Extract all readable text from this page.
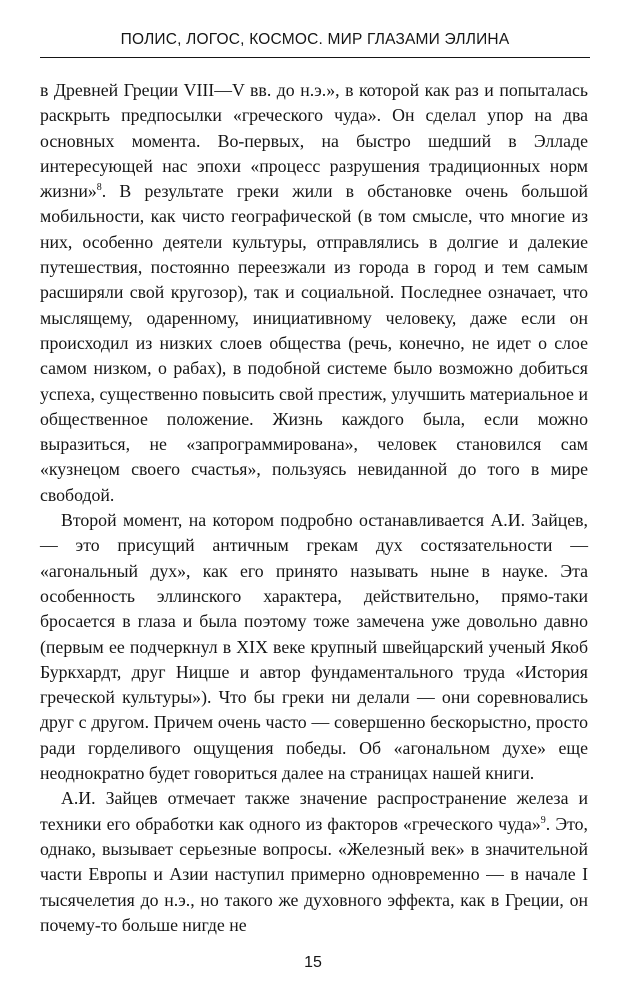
ПОЛИС, ЛОГОС, КОСМОС. МИР ГЛАЗАМИ ЭЛЛИНА

в Древней Греции VIII—V вв. до н.э.», в которой как раз и попыталась раскрыть предпосылки «греческого чуда». Он сделал упор на два основных момента. Во-первых, на быстро шедший в Элладе интересующей нас эпохи «процесс разрушения традиционных норм жизни»$^8$. В результате греки жили в обстановке очень большой мобильности, как чисто географической (в том смысле, что многие из них, особенно деятели культуры, отправлялись в долгие и далекие путешествия, постоянно переезжали из города в город и тем самым расширяли свой кругозор), так и социальной. Последнее означает, что мыслящему, одаренному, инициативному человеку, даже если он происходил из низких слоев общества (речь, конечно, не идет о слое самом низком, о рабах), в подобной системе было возможно добиться успеха, существенно повысить свой престиж, улучшить материальное и общественное положение. Жизнь каждого была, если можно выразиться, не «запрограммирована», человек становился сам «кузнецом своего счастья», пользуясь невиданной до того в мире свободой.

Второй момент, на котором подробно останавливается А.И. Зайцев, — это присущий античным грекам дух состязательности — «агональный дух», как его принято называть ныне в науке. Эта особенность эллинского характера, действительно, прямо-таки бросается в глаза и была поэтому тоже замечена уже довольно давно (первым ее подчеркнул в XIX веке крупный швейцарский ученый Якоб Буркхардт, друг Ницше и автор фундаментального труда «История греческой культуры»). Что бы греки ни делали — они соревновались друг с другом. Причем очень часто — совершенно бескорыстно, просто ради горделивого ощущения победы. Об «агональном духе» еще неоднократно будет говориться далее на страницах нашей книги.

А.И. Зайцев отмечает также значение распространение железа и техники его обработки как одного из факторов «греческого чуда»$^9$. Это, однако, вызывает серьезные вопросы. «Железный век» в значительной части Европы и Азии наступил примерно одновременно — в начале I тысячелетия до н.э., но такого же духовного эффекта, как в Греции, он почему-то больше нигде не

15
